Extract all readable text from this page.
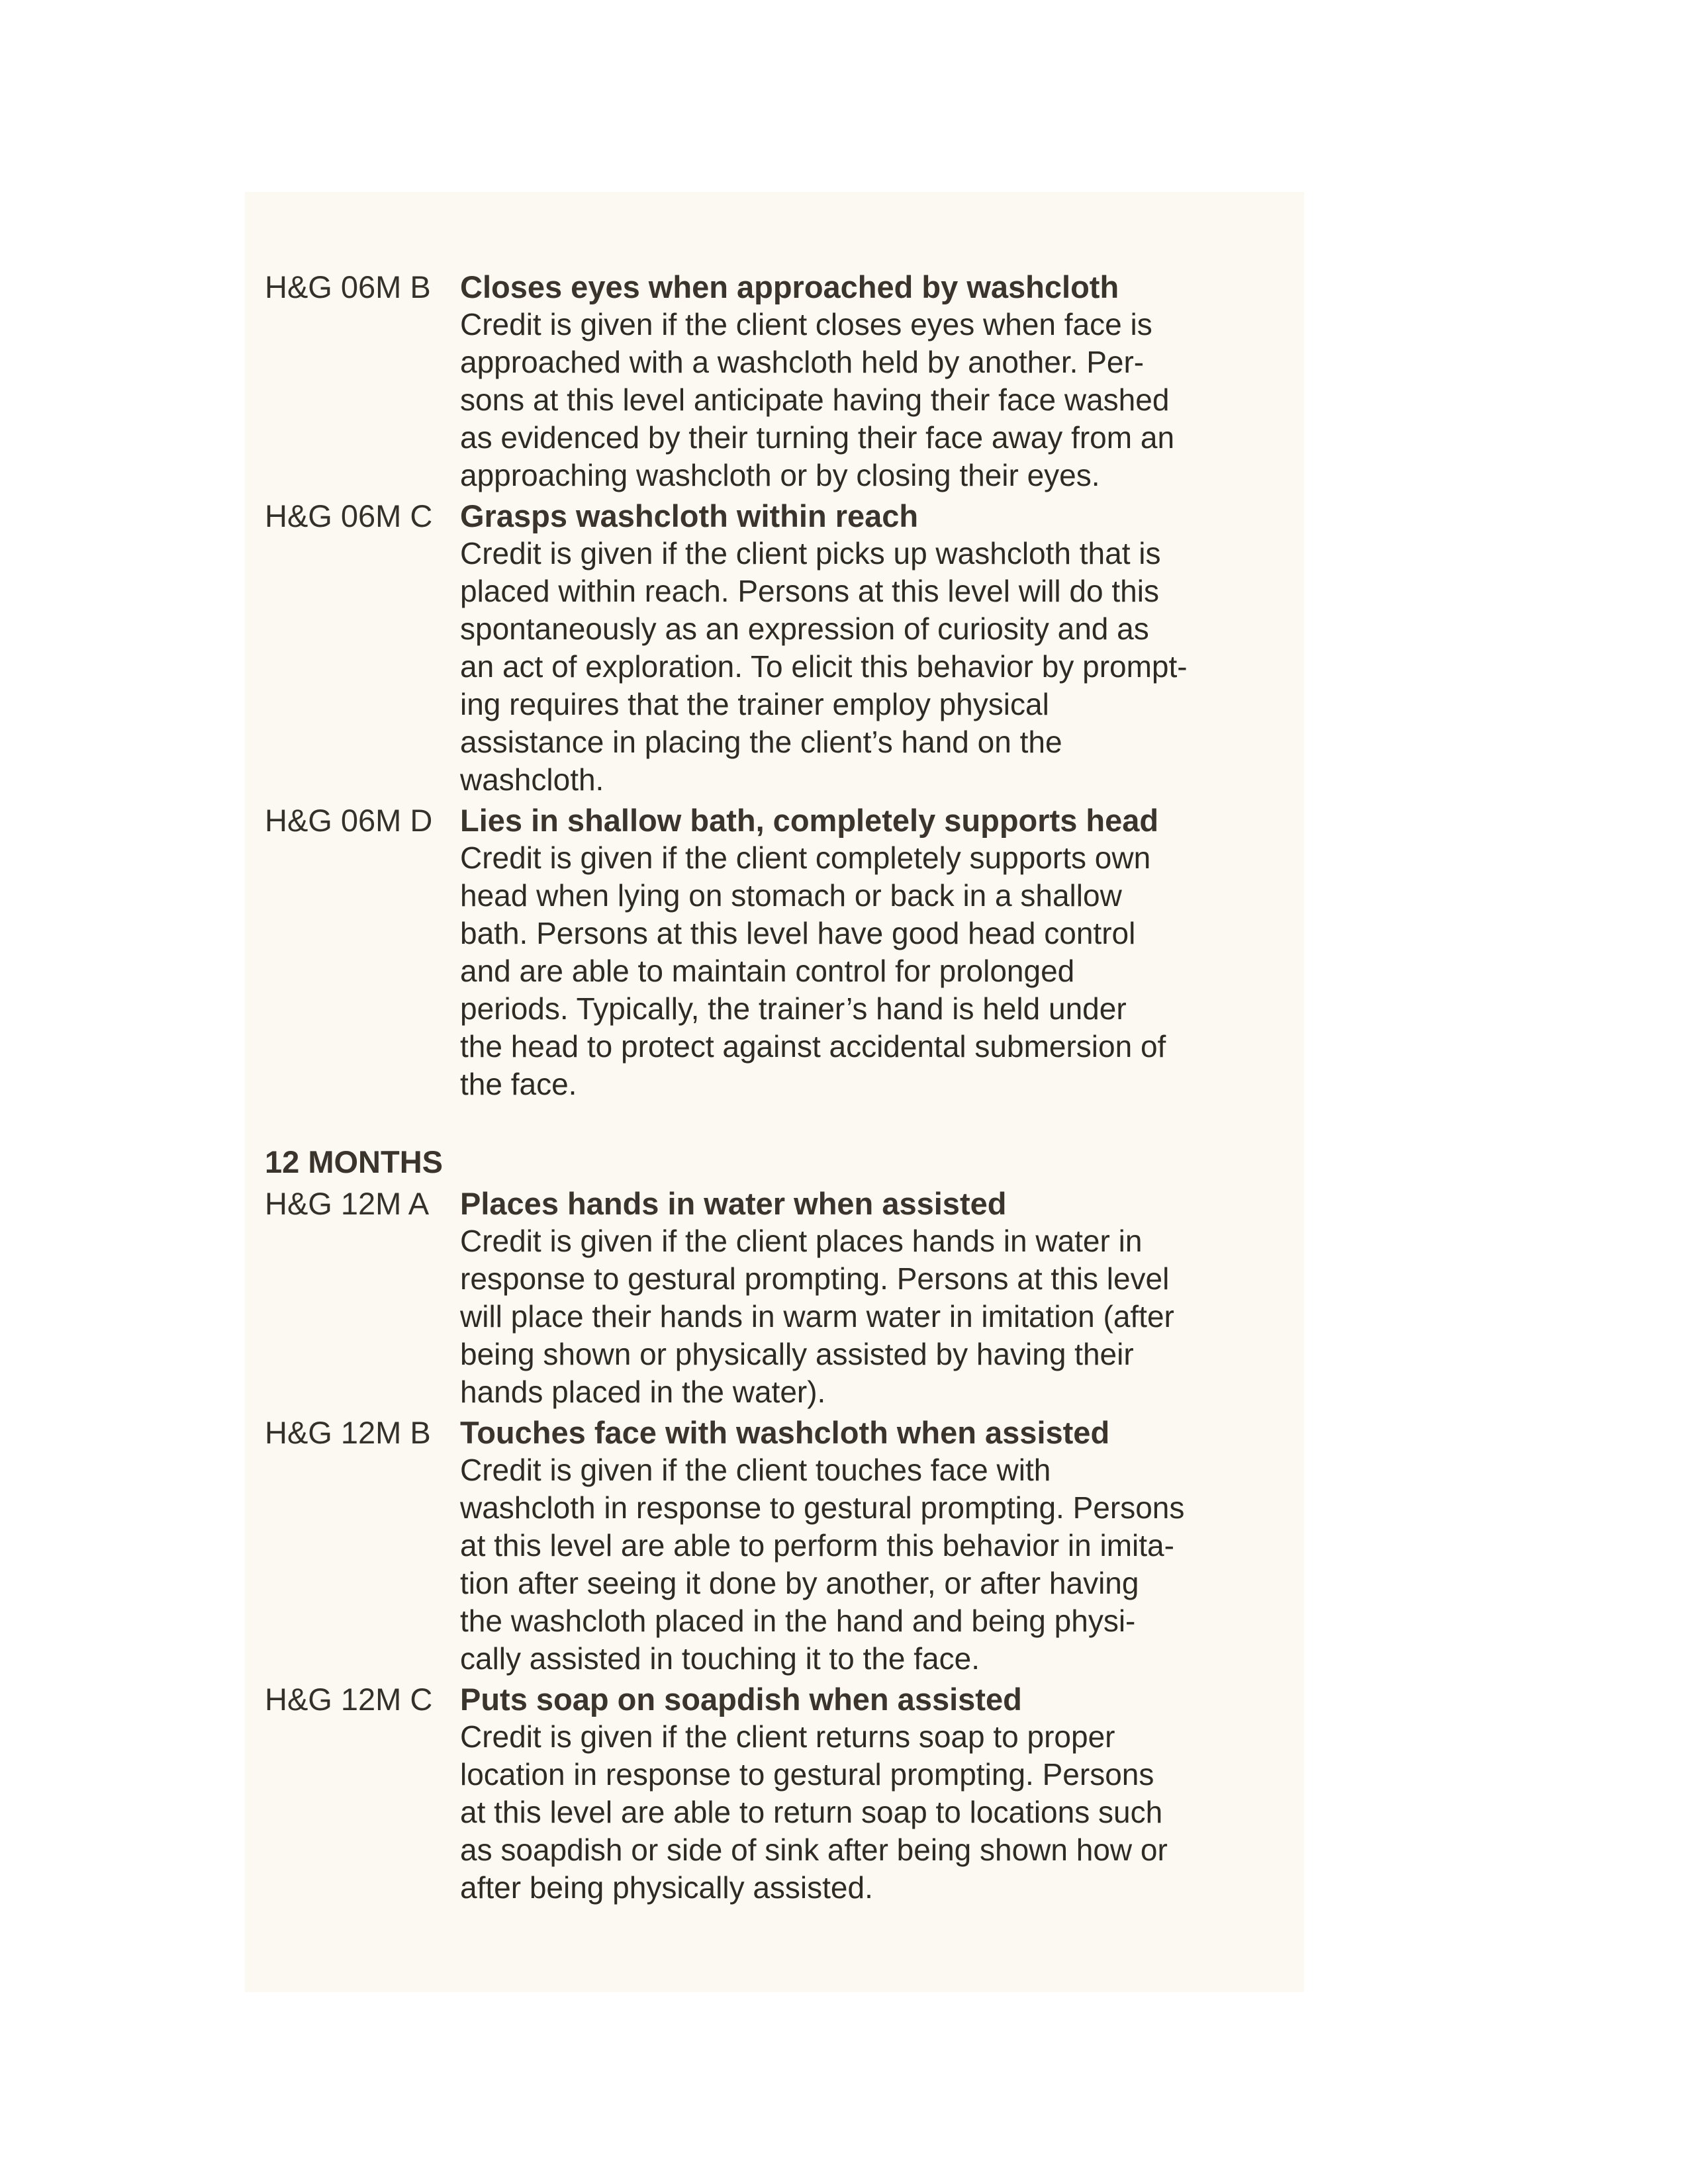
H&G 06M B Closes eyes when approached by washcloth
Credit is given if the client closes eyes when face is
approached with a washcloth held by another. Per-
sons at this level anticipate having their face washed
as evidenced by their turning their face away from an
approaching washcloth or by closing their eyes.
H&G 06M C Grasps washcloth within reach
Credit is given if the client picks up washcloth that is
placed within reach. Persons at this level will do this
spontaneously as an expression of curiosity and as
an act of exploration. To elicit this behavior by prompt-
ing requires that the trainer employ physical
assistance in placing the client’s hand on the
washcloth.
H&G 06M D Lies in shallow bath, completely supports head
Credit is given if the client completely supports own
head when lying on stomach or back in a shallow
bath. Persons at this level have good head control
and are able to maintain control for prolonged
periods. Typically, the trainer’s hand is held under
the head to protect against accidental submersion of
the face.
12 MONTHS
H&G 12M A Places hands in water when assisted
Credit is given if the client places hands in water in
response to gestural prompting. Persons at this level
will place their hands in warm water in imitation (after
being shown or physically assisted by having their
hands placed in the water).
H&G 12M B Touches face with washcloth when assisted
Credit is given if the client touches face with
washcloth in response to gestural prompting. Persons
at this level are able to perform this behavior in imita-
tion after seeing it done by another, or after having
the washcloth placed in the hand and being physi-
cally assisted in touching it to the face.
H&G 12M C Puts soap on soapdish when assisted
Credit is given if the client returns soap to proper
location in response to gestural prompting. Persons
at this level are able to return soap to locations such
as soapdish or side of sink after being shown how or
after being physically assisted.
